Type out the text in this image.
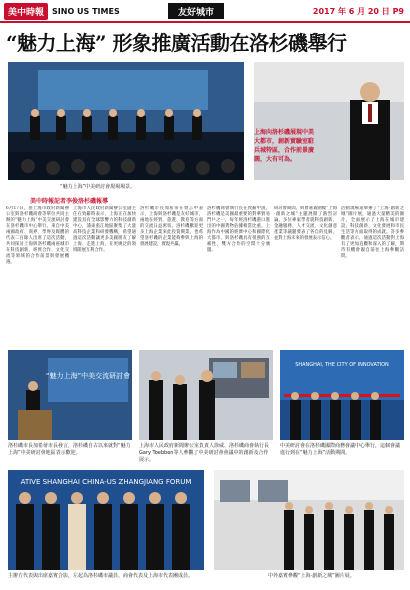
美中時報	SINO US TIMES	友好城市	2017 年 6 月 20 日 P9
“魅力上海” 形象推廣活動在洛杉磯舉行
“魅力上海”中美研討會現場場景。
上海向洛杉磯展現中美大都市，創新實驗室駐兵城特區，合作前景廣闊，大有可為。
美中時報記者李俊洛杉磯報導
6月17日，由上海市政府新聞辦公室與洛杉磯商會等單位共同主辦的“魅力上海”中美交流研討會在洛杉磯市中心舉行。來自中美兩國政府、商界、學界及媒體的代表二百餘人出席了這次活動，共同探討上海與洛杉磯兩座城市在科技創新、經貿合作、文化交流等領域的合作前景與發展機遇。
上海市人民政府新聞辦公室副主任在致辭時表示，上海正在加快建設具有全球影響力的科技創新中心，浦東張江地區聚集了大量高科技企業和研發機構，希望通過這次活動讓更多美國朋友了解上海、走進上海，在更廣泛的領域開展互利合作。
洛杉磯市長加希蒂在發言中表示，上海與洛杉磯是友好城市，兩地在經貿、旅遊、教育等方面的交流日益密切。洛杉磯歡迎更多上海企業來此投資興業，也希望洛杉磯的企業能夠參與上海的發展建設，實現共贏。
洛杉磯商會執行長在致辭中說，洛杉磯是美國最重要的對華貿易門戶之一，每年經洛杉磯港口進出的中國貨物佔據相當比重。上海作為中國的經濟中心和國際化大都市，與洛杉磯具有很強的互補性，雙方合作的空間十分廣闊。
研討會期間，與會嘉賓圍繞“上海·創新之城”主題展開了熱烈討論。多位專家學者就科技創新、金融服務、人才交流、文化創意產業等議題發表了各自的見解，並對上海未來的發展表示信心。
活動現場還舉辦了“上海·創新之城”圖片展，通過大量精美的圖片，全面展示了上海在城市建設、科技創新、文化發展和市民生活等方面取得的成就。許多參觀者表示，通過這次活動對上海有了更加直觀和深入的了解，期待有機會親自前往上海參觀訪問。
“魅力上海”中美交流研討會
洛杉磯市長加希蒂市長發言，洛杉磯自古以來就對“魅力上海”中美研討會地區表示歡迎。
上海市人民政府新聞辦公室負責人徐威、洛杉磯商會執行長Gary Toebben等人參觀了中美研討會會議中的創新及合作展示。
SHANGHAI, THE CITY OF INNOVATION
中美研討會在洛杉磯國際商務會議中心舉行，這個會議進行到在“魅力上海”活動期間。
ATIVE SHANGHAI CHINA-US ZHANGJIANG FORUM
主辦方代表與出席嘉賓合影，左起為洛杉磯市議員、商會代表及上海市代表團成員。	中外嘉賓參觀“上海·創新之城”圖片展。
